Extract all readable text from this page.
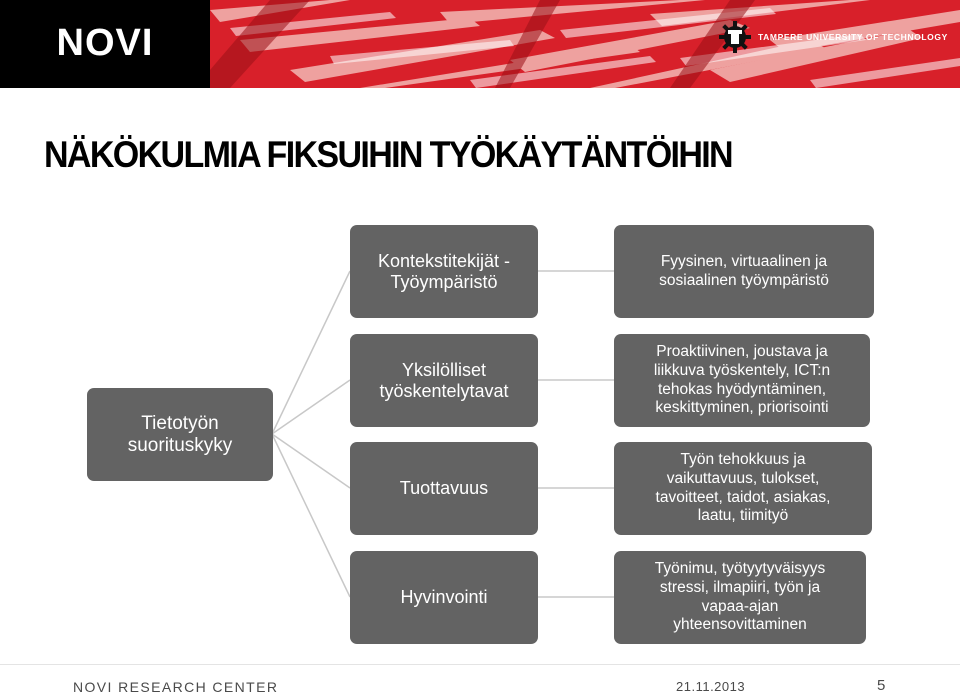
NOVI	TAMPERE UNIVERSITY OF TECHNOLOGY
NÄKÖKULMIA FIKSUIHIN TYÖKÄYTÄNTÖIHIN
Tietotyön
suorituskyky
Kontekstitekijät -
Työympäristö
Yksilölliset
työskentelytavat
Tuottavuus
Hyvinvointi
Fyysinen, virtuaalinen ja
sosiaalinen työympäristö
Proaktiivinen, joustava ja
liikkuva työskentely, ICT:n
tehokas hyödyntäminen,
keskittyminen, priorisointi
Työn tehokkuus ja
vaikuttavuus, tulokset,
tavoitteet, taidot, asiakas,
laatu, tiimityö
Työnimu, työtyytyväisyys
stressi, ilmapiiri, työn ja
vapaa-ajan
yhteensovittaminen
NOVI RESEARCH CENTER	21.11.2013	5
